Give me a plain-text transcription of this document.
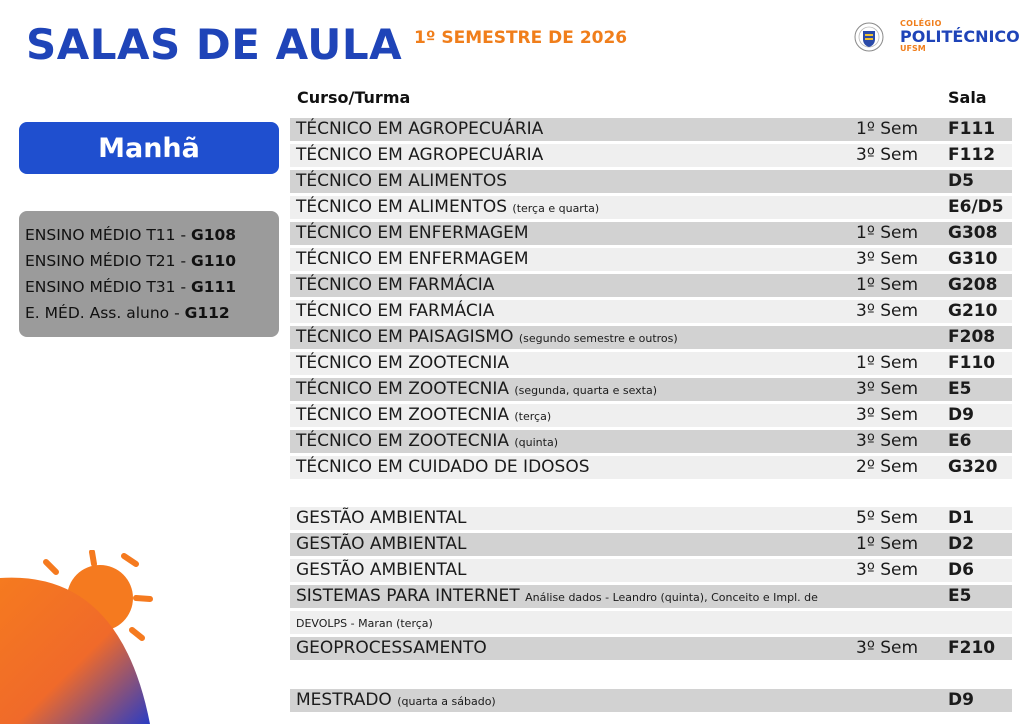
SALAS DE AULA 1º SEMESTRE DE 2026
COLÉGIO
POLITÉCNICO
UFSM
Manhã
ENSINO MÉDIO T11 - G108
ENSINO MÉDIO T21 - G110
ENSINO MÉDIO T31 - G111
E. MÉD. Ass. aluno - G112
Curso/Turma	Sala
TÉCNICO EM AGROPECUÁRIA	1º Sem F111
TÉCNICO EM AGROPECUÁRIA	3º Sem F112
TÉCNICO EM ALIMENTOS	D5
TÉCNICO EM ALIMENTOS (terça e quarta)	E6/D5
TÉCNICO EM ENFERMAGEM	1º Sem G308
TÉCNICO EM ENFERMAGEM	3º Sem G310
TÉCNICO EM FARMÁCIA	1º Sem G208
TÉCNICO EM FARMÁCIA	3º Sem G210
TÉCNICO EM PAISAGISMO (segundo semestre e outros)	F208
TÉCNICO EM ZOOTECNIA	1º Sem F110
TÉCNICO EM ZOOTECNIA (segunda, quarta e sexta)	3º Sem E5
TÉCNICO EM ZOOTECNIA (terça)	3º Sem D9
TÉCNICO EM ZOOTECNIA (quinta)	3º Sem E6
TÉCNICO EM CUIDADO DE IDOSOS	2º Sem G320
GESTÃO AMBIENTAL	5º Sem D1
GESTÃO AMBIENTAL	1º Sem D2
GESTÃO AMBIENTAL	3º Sem D6
SISTEMAS PARA INTERNET Análise dados - Leandro (quinta), Conceito e Impl. de	E5
DEVOLPS - Maran (terça)
GEOPROCESSAMENTO	3º Sem F210
MESTRADO (quarta a sábado)	D9
